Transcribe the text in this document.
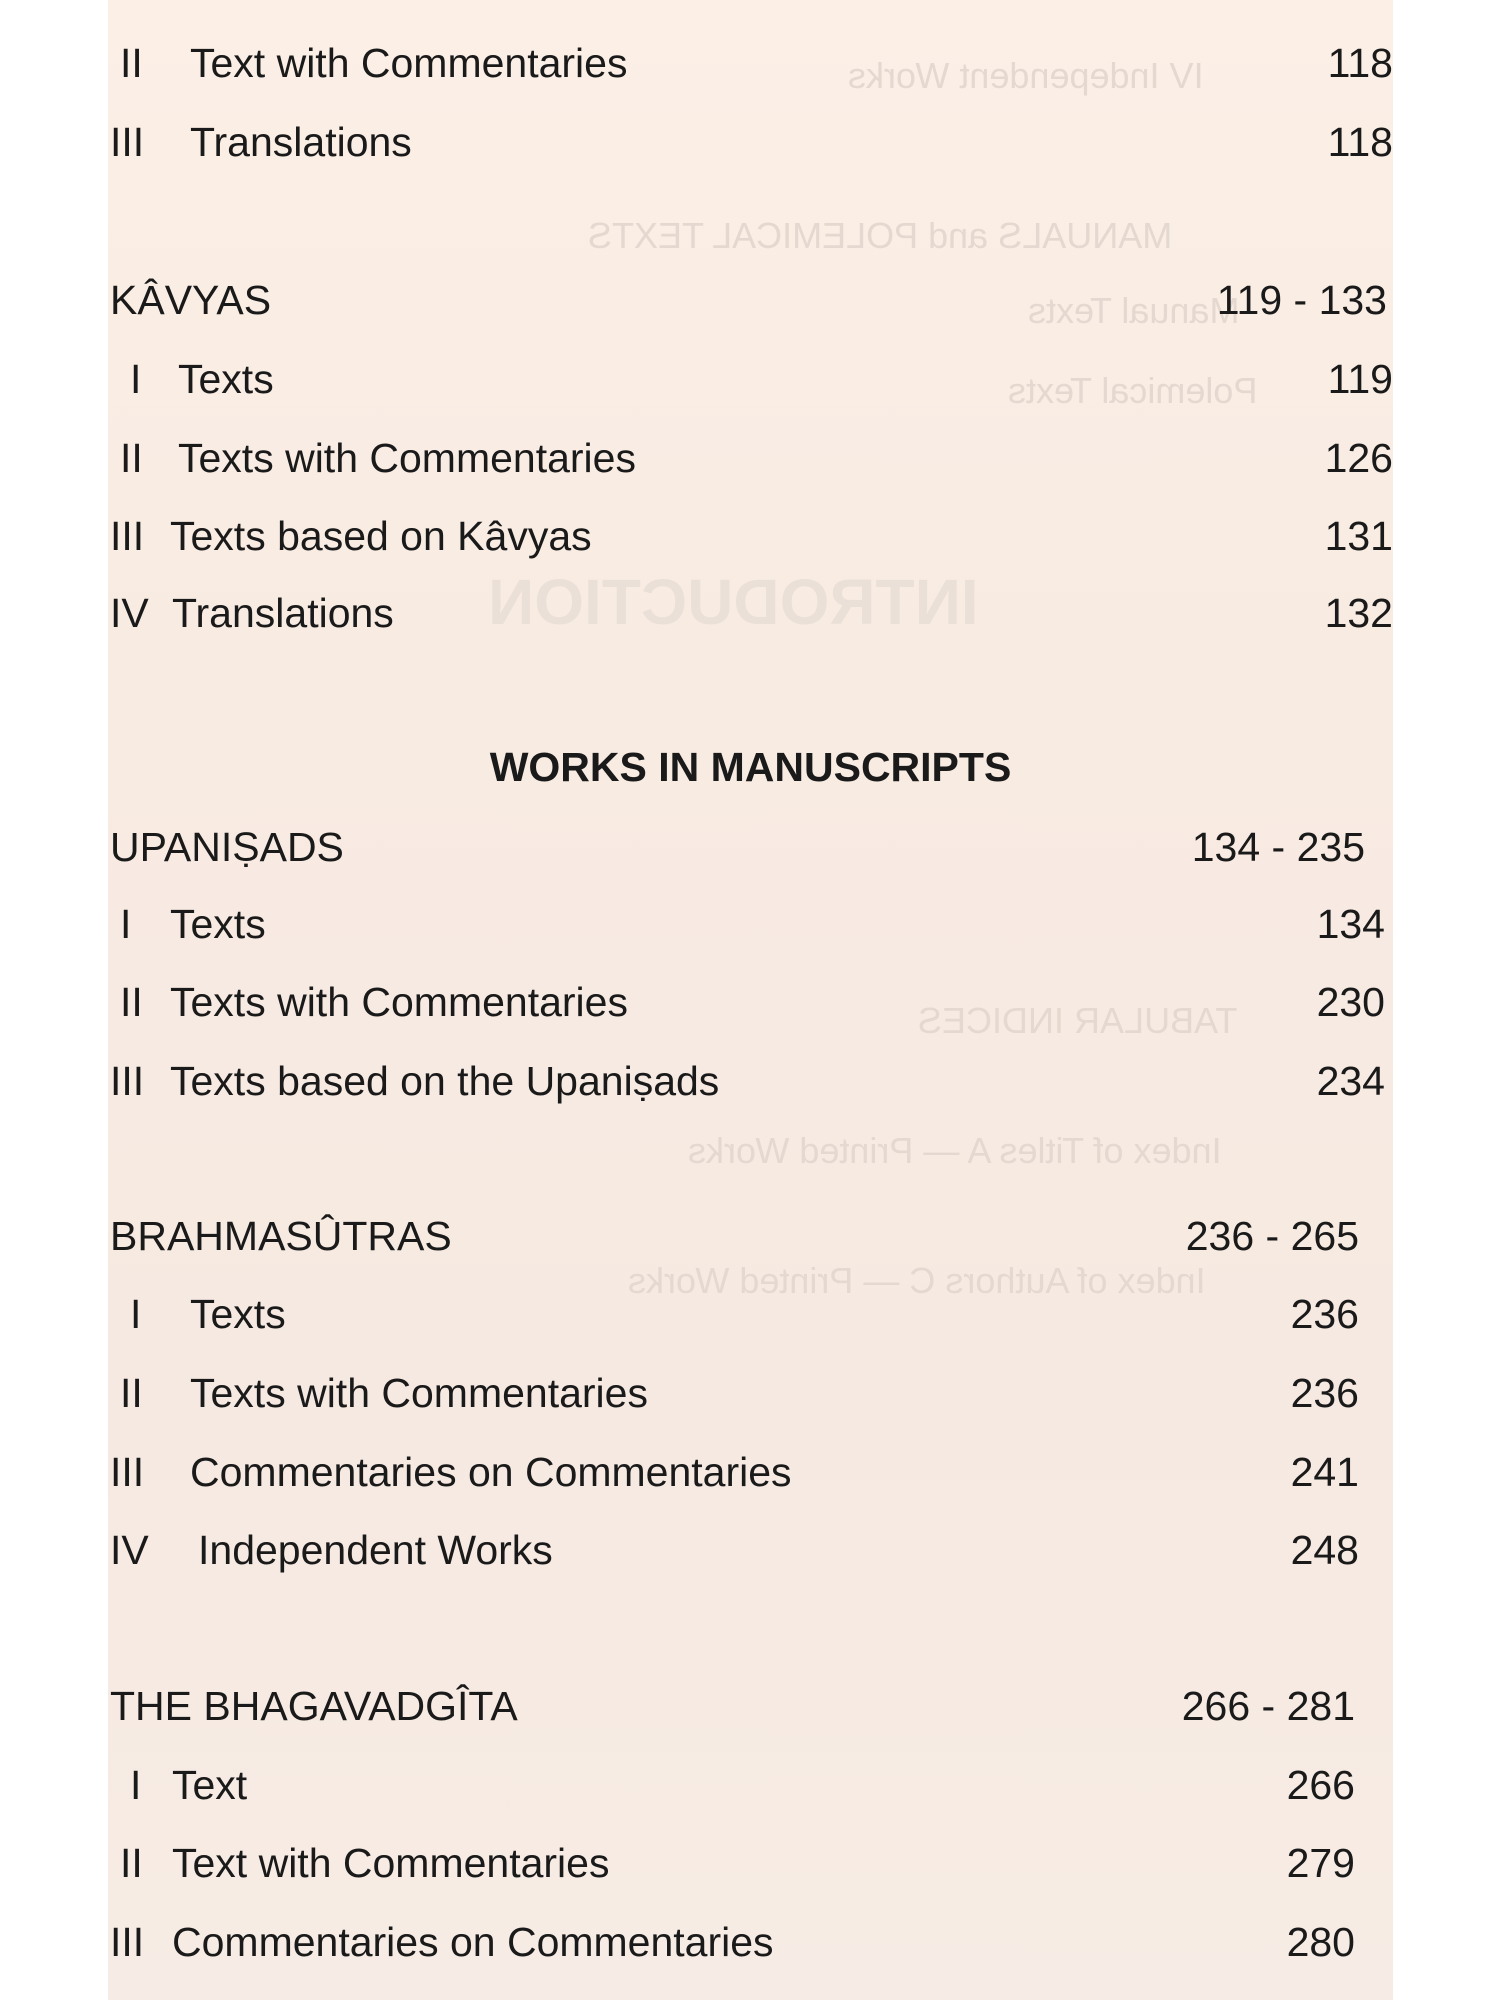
IV Independent Works
MANUALS and POLEMICAL TEXTS
Manual Texts
Polemical Texts
INTRODUCTION
TABULAR INDICES
Index of Titles A — Printed Works
Index of Authors C — Printed Works
II Text with Commentaries	118
III Translations	118
KÂVYAS	119 - 133
I Texts	119
II Texts with Commentaries	126
III Texts based on Kâvyas	131
IV Translations	132
WORKS IN MANUSCRIPTS
UPANIṢADS	134 - 235
I Texts	134
II Texts with Commentaries	230
III Texts based on the Upaniṣads	234
BRAHMASÛTRAS	236 - 265
I Texts	236
II Texts with Commentaries	236
III Commentaries on Commentaries	241
IV Independent Works	248
THE BHAGAVADGÎTA	266 - 281
I Text	266
II Text with Commentaries	279
III Commentaries on Commentaries	280
